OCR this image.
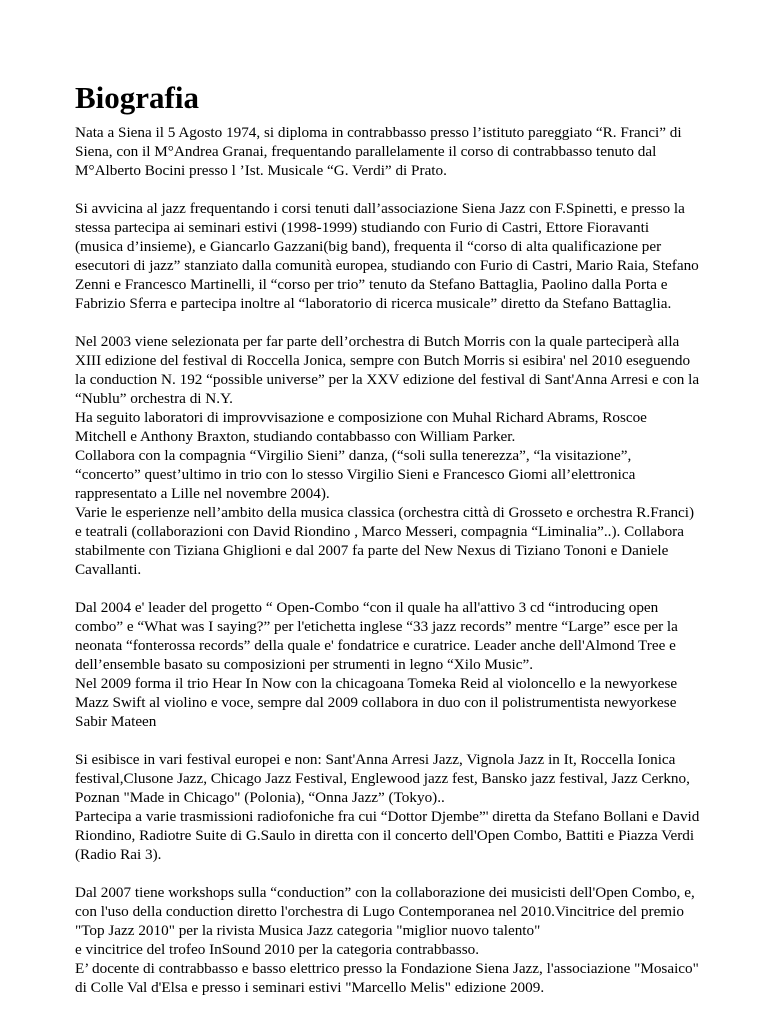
Biografia
Nata a Siena il 5 Agosto 1974, si diploma in contrabbasso presso l’istituto pareggiato “R. Franci” di Siena, con il M°Andrea Granai, frequentando parallelamente il corso di contrabbasso tenuto dal M°Alberto Bocini presso l ’Ist. Musicale “G. Verdi” di Prato.
Si avvicina al jazz frequentando i corsi tenuti dall’associazione Siena Jazz con F.Spinetti, e presso la stessa partecipa ai seminari estivi (1998-1999) studiando con Furio di Castri, Ettore Fioravanti (musica d’insieme), e Giancarlo Gazzani(big band), frequenta il “corso di alta qualificazione per esecutori di jazz” stanziato dalla comunità europea, studiando con Furio di Castri, Mario Raia, Stefano Zenni e Francesco Martinelli, il “corso per trio” tenuto da Stefano Battaglia, Paolino dalla Porta e Fabrizio Sferra e partecipa inoltre al “laboratorio di ricerca musicale” diretto da Stefano Battaglia.
Nel 2003 viene selezionata per far parte dell’orchestra di Butch Morris con la quale parteciperà alla XIII edizione del festival di Roccella Jonica, sempre con Butch Morris si esibira' nel 2010 eseguendo la conduction N. 192 “possible universe” per la XXV edizione del festival di Sant'Anna Arresi e con la “Nublu” orchestra di N.Y.
Ha seguito laboratori di improvvisazione e composizione con Muhal Richard Abrams, Roscoe Mitchell e Anthony Braxton, studiando contabbasso con William Parker.
Collabora con la compagnia “Virgilio Sieni” danza, (“soli sulla tenerezza”, “la visitazione”, “concerto” quest’ultimo in trio con lo stesso Virgilio Sieni e Francesco Giomi all’elettronica rappresentato a Lille nel novembre 2004).
Varie le esperienze nell’ambito della musica classica (orchestra città di Grosseto e orchestra R.Franci) e teatrali (collaborazioni con David Riondino , Marco Messeri, compagnia “Liminalia”..). Collabora stabilmente con Tiziana Ghiglioni e dal 2007 fa parte del New Nexus di Tiziano Tononi e Daniele Cavallanti.
Dal 2004 e' leader del progetto “ Open-Combo “con il quale ha all'attivo 3 cd “introducing open combo” e “What was I saying?” per l'etichetta inglese “33 jazz records” mentre “Large” esce per la neonata “fonterossa records” della quale e' fondatrice e curatrice. Leader anche dell'Almond Tree e dell’ensemble basato su composizioni per strumenti in legno “Xilo Music”.
Nel 2009 forma il trio Hear In Now con la chicagoana Tomeka Reid al violoncello e la newyorkese Mazz Swift al violino e voce, sempre dal 2009 collabora in duo con il polistrumentista newyorkese Sabir Mateen
Si esibisce in vari festival europei e non: Sant'Anna Arresi Jazz, Vignola Jazz in It, Roccella Ionica festival,Clusone Jazz, Chicago Jazz Festival, Englewood jazz fest, Bansko jazz festival, Jazz Cerkno, Poznan "Made in Chicago" (Polonia), “Onna Jazz” (Tokyo)..
Partecipa a varie trasmissioni radiofoniche fra cui “Dottor Djembe”' diretta da Stefano Bollani e David Riondino, Radiotre Suite di G.Saulo in diretta con il concerto dell'Open Combo, Battiti e Piazza Verdi (Radio Rai 3).
Dal 2007 tiene workshops sulla “conduction” con la collaborazione dei musicisti dell'Open Combo, e, con l'uso della conduction diretto l'orchestra di Lugo Contemporanea nel 2010.Vincitrice del premio "Top Jazz 2010" per la rivista Musica Jazz categoria "miglior nuovo talento"
e vincitrice del trofeo InSound 2010 per la categoria contrabbasso.
E’ docente di contrabbasso e basso elettrico presso la Fondazione Siena Jazz, l'associazione "Mosaico" di Colle Val d'Elsa e presso i seminari estivi "Marcello Melis" edizione 2009.
